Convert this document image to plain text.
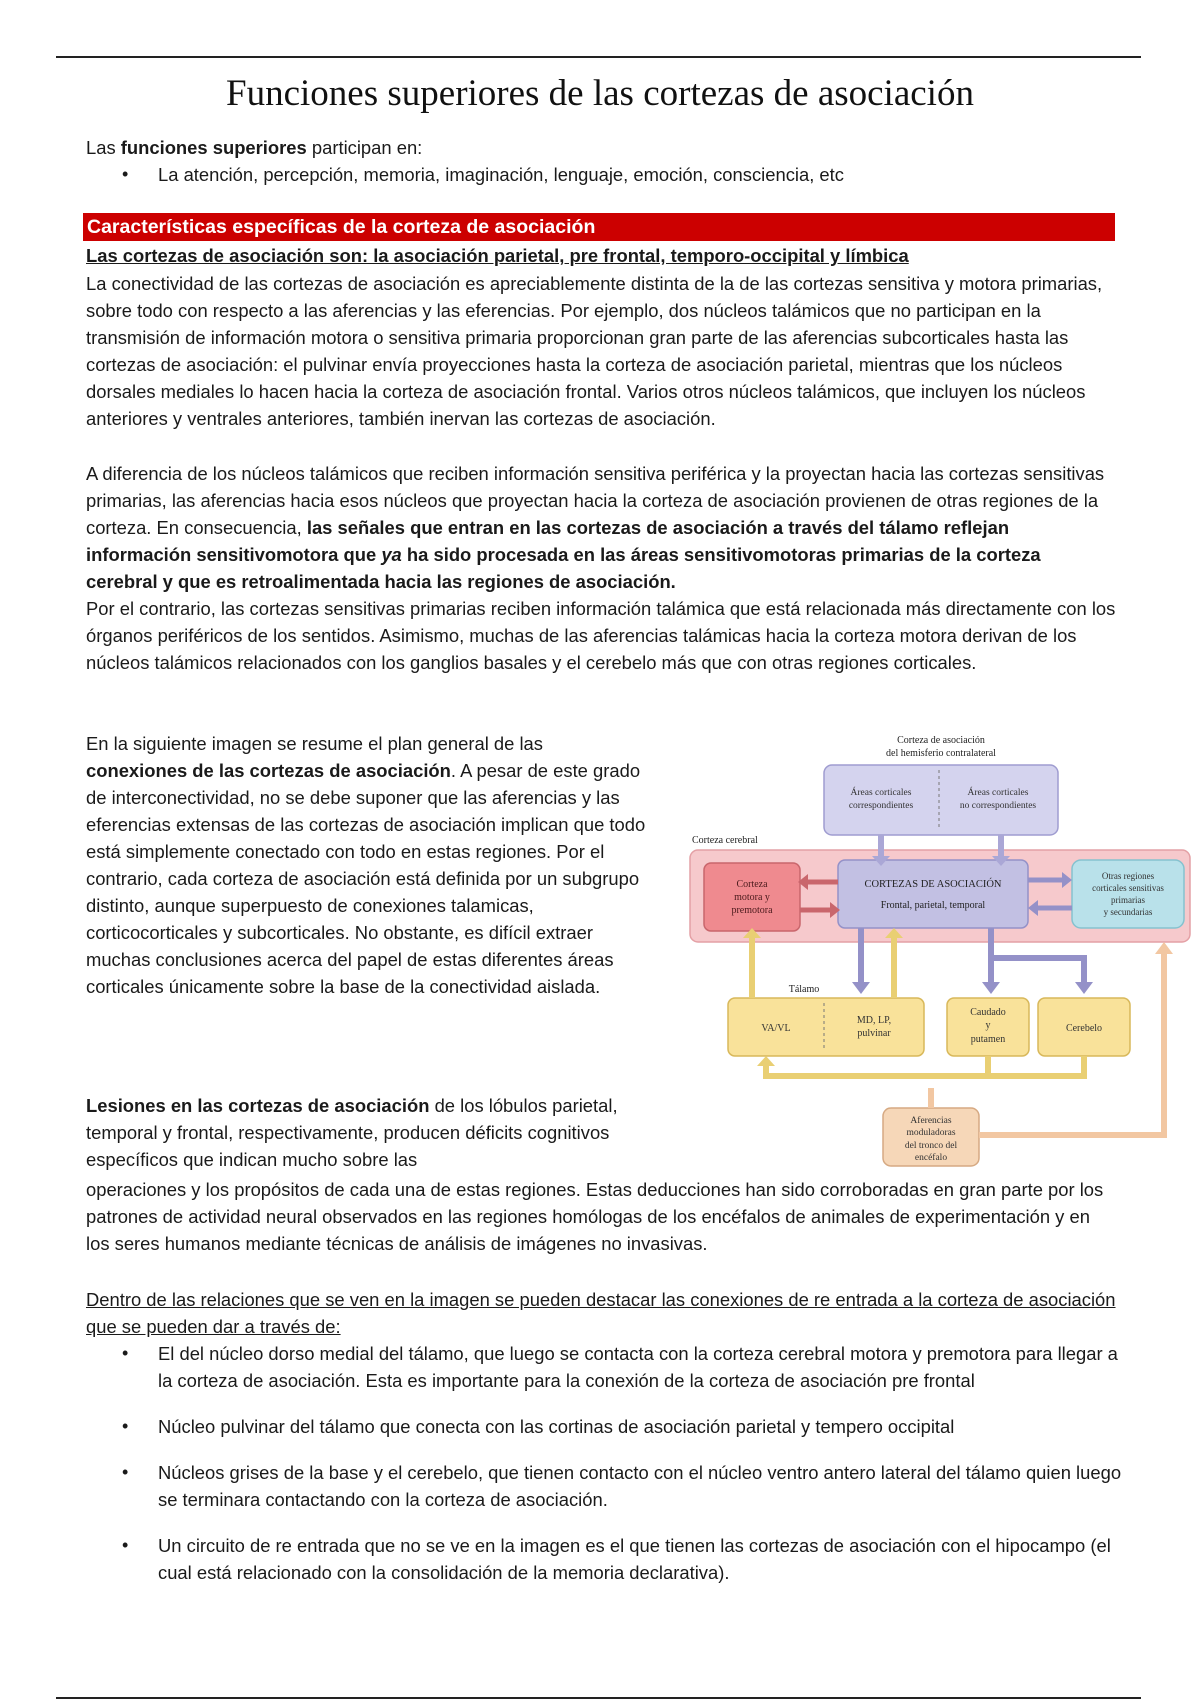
Funciones superiores de las cortezas de asociación
Las funciones superiores participan en:
• La atención, percepción, memoria, imaginación, lenguaje, emoción, consciencia, etc
Características específicas de la corteza de asociación
Las cortezas de asociación son: la asociación parietal, pre frontal, temporo-occipital y límbica
La conectividad de las cortezas de asociación es apreciablemente distinta de la de las cortezas sensitiva y motora primarias, sobre todo con respecto a las aferencias y las eferencias. Por ejemplo, dos núcleos talámicos que no participan en la transmisión de información motora o sensitiva primaria proporcionan gran parte de las aferencias subcorticales hasta las cortezas de asociación: el pulvinar envía proyecciones hasta la corteza de asociación parietal, mientras que los núcleos dorsales mediales lo hacen hacia la corteza de asociación frontal. Varios otros núcleos talámicos, que incluyen los núcleos anteriores y ventrales anteriores, también inervan las cortezas de asociación.
A diferencia de los núcleos talámicos que reciben información sensitiva periférica y la proyectan hacia las cortezas sensitivas primarias, las aferencias hacia esos núcleos que proyectan hacia la corteza de asociación provienen de otras regiones de la corteza. En consecuencia, las señales que entran en las cortezas de asociación a través del tálamo reflejan información sensitivomotora que ya ha sido procesada en las áreas sensitivomotoras primarias de la corteza cerebral y que es retroalimentada hacia las regiones de asociación.
Por el contrario, las cortezas sensitivas primarias reciben información talámica que está relacionada más directamente con los órganos periféricos de los sentidos. Asimismo, muchas de las aferencias talámicas hacia la corteza motora derivan de los núcleos talámicos relacionados con los ganglios basales y el cerebelo más que con otras regiones corticales.
En la siguiente imagen se resume el plan general de las
conexiones de las cortezas de asociación. A pesar de este grado de interconectividad, no se debe suponer que las aferencias y las eferencias extensas de las cortezas de asociación implican que todo está simplemente conectado con todo en estas regiones. Por el contrario, cada corteza de asociación está definida por un subgrupo distinto, aunque superpuesto de conexiones talamicas, corticocorticales y subcorticales. No obstante, es difícil extraer muchas conclusiones acerca del papel de estas diferentes áreas corticales únicamente sobre la base de la conectividad aislada.
Lesiones en las cortezas de asociación de los lóbulos parietal, temporal y frontal, respectivamente, producen déficits cognitivos específicos que indican mucho sobre las
operaciones y los propósitos de cada una de estas regiones. Estas deducciones han sido corroboradas en gran parte por los patrones de actividad neural observados en las regiones homólogas de los encéfalos de animales de experimentación y en los seres humanos mediante técnicas de análisis de imágenes no invasivas.
Dentro de las relaciones que se ven en la imagen se pueden destacar las conexiones de re entrada a la corteza de asociación que se pueden dar a través de:
• El del núcleo dorso medial del tálamo, que luego se contacta con la corteza cerebral motora y premotora para llegar a la corteza de asociación. Esta es importante para la conexión de la corteza de asociación pre frontal
• Núcleo pulvinar del tálamo que conecta con las cortinas de asociación parietal y tempero occipital
• Núcleos grises de la base y el cerebelo, que tienen contacto con el núcleo ventro antero lateral del tálamo quien luego se terminara contactando con la corteza de asociación.
• Un circuito de re entrada que no se ve en la imagen es el que tienen las cortezas de asociación con el hipocampo (el cual está relacionado con la consolidación de la memoria declarativa).
Corteza de asociación
del hemisferio contralateral
Áreas corticales
correspondientes
Áreas corticales
no correspondientes
Corteza cerebral
Corteza
motora y
premotora
CORTEZAS DE ASOCIACIÓN
Frontal, parietal, temporal
Otras regiones
corticales sensitivas
primarias
y secundarias
Tálamo
VA/VL
MD, LP,
pulvinar
Caudado
y
putamen
Cerebelo
Aferencias
moduladoras
del tronco del
encéfalo
